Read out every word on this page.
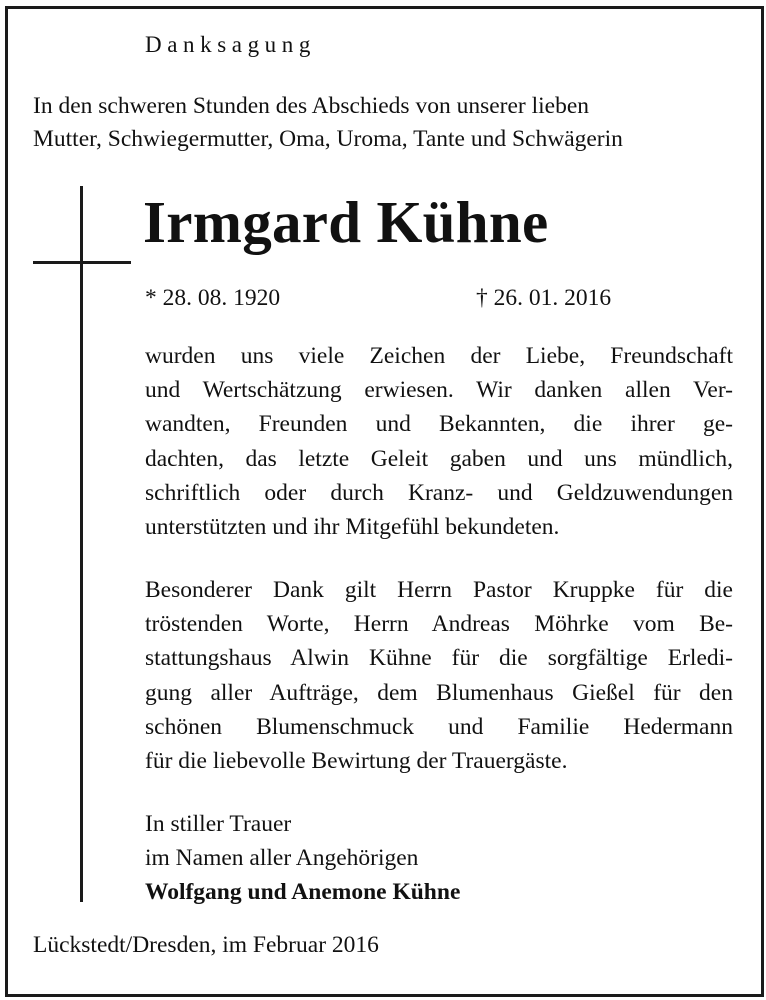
Danksagung
In den schweren Stunden des Abschieds von unserer lieben
Mutter, Schwiegermutter, Oma, Uroma, Tante und Schwägerin
Irmgard Kühne
* 28. 08. 1920	† 26. 01. 2016
wurden uns viele Zeichen der Liebe, Freundschaft
und Wertschätzung erwiesen. Wir danken allen Ver-
wandten, Freunden und Bekannten, die ihrer ge-
dachten, das letzte Geleit gaben und uns mündlich,
schriftlich oder durch Kranz- und Geldzuwendungen
unterstützten und ihr Mitgefühl bekundeten.
Besonderer Dank gilt Herrn Pastor Kruppke für die
tröstenden Worte, Herrn Andreas Möhrke vom Be-
stattungshaus Alwin Kühne für die sorgfältige Erledi-
gung aller Aufträge, dem Blumenhaus Gießel für den
schönen Blumenschmuck und Familie Hedermann
für die liebevolle Bewirtung der Trauergäste.
In stiller Trauer
im Namen aller Angehörigen
Wolfgang und Anemone Kühne
Lückstedt/Dresden, im Februar 2016
